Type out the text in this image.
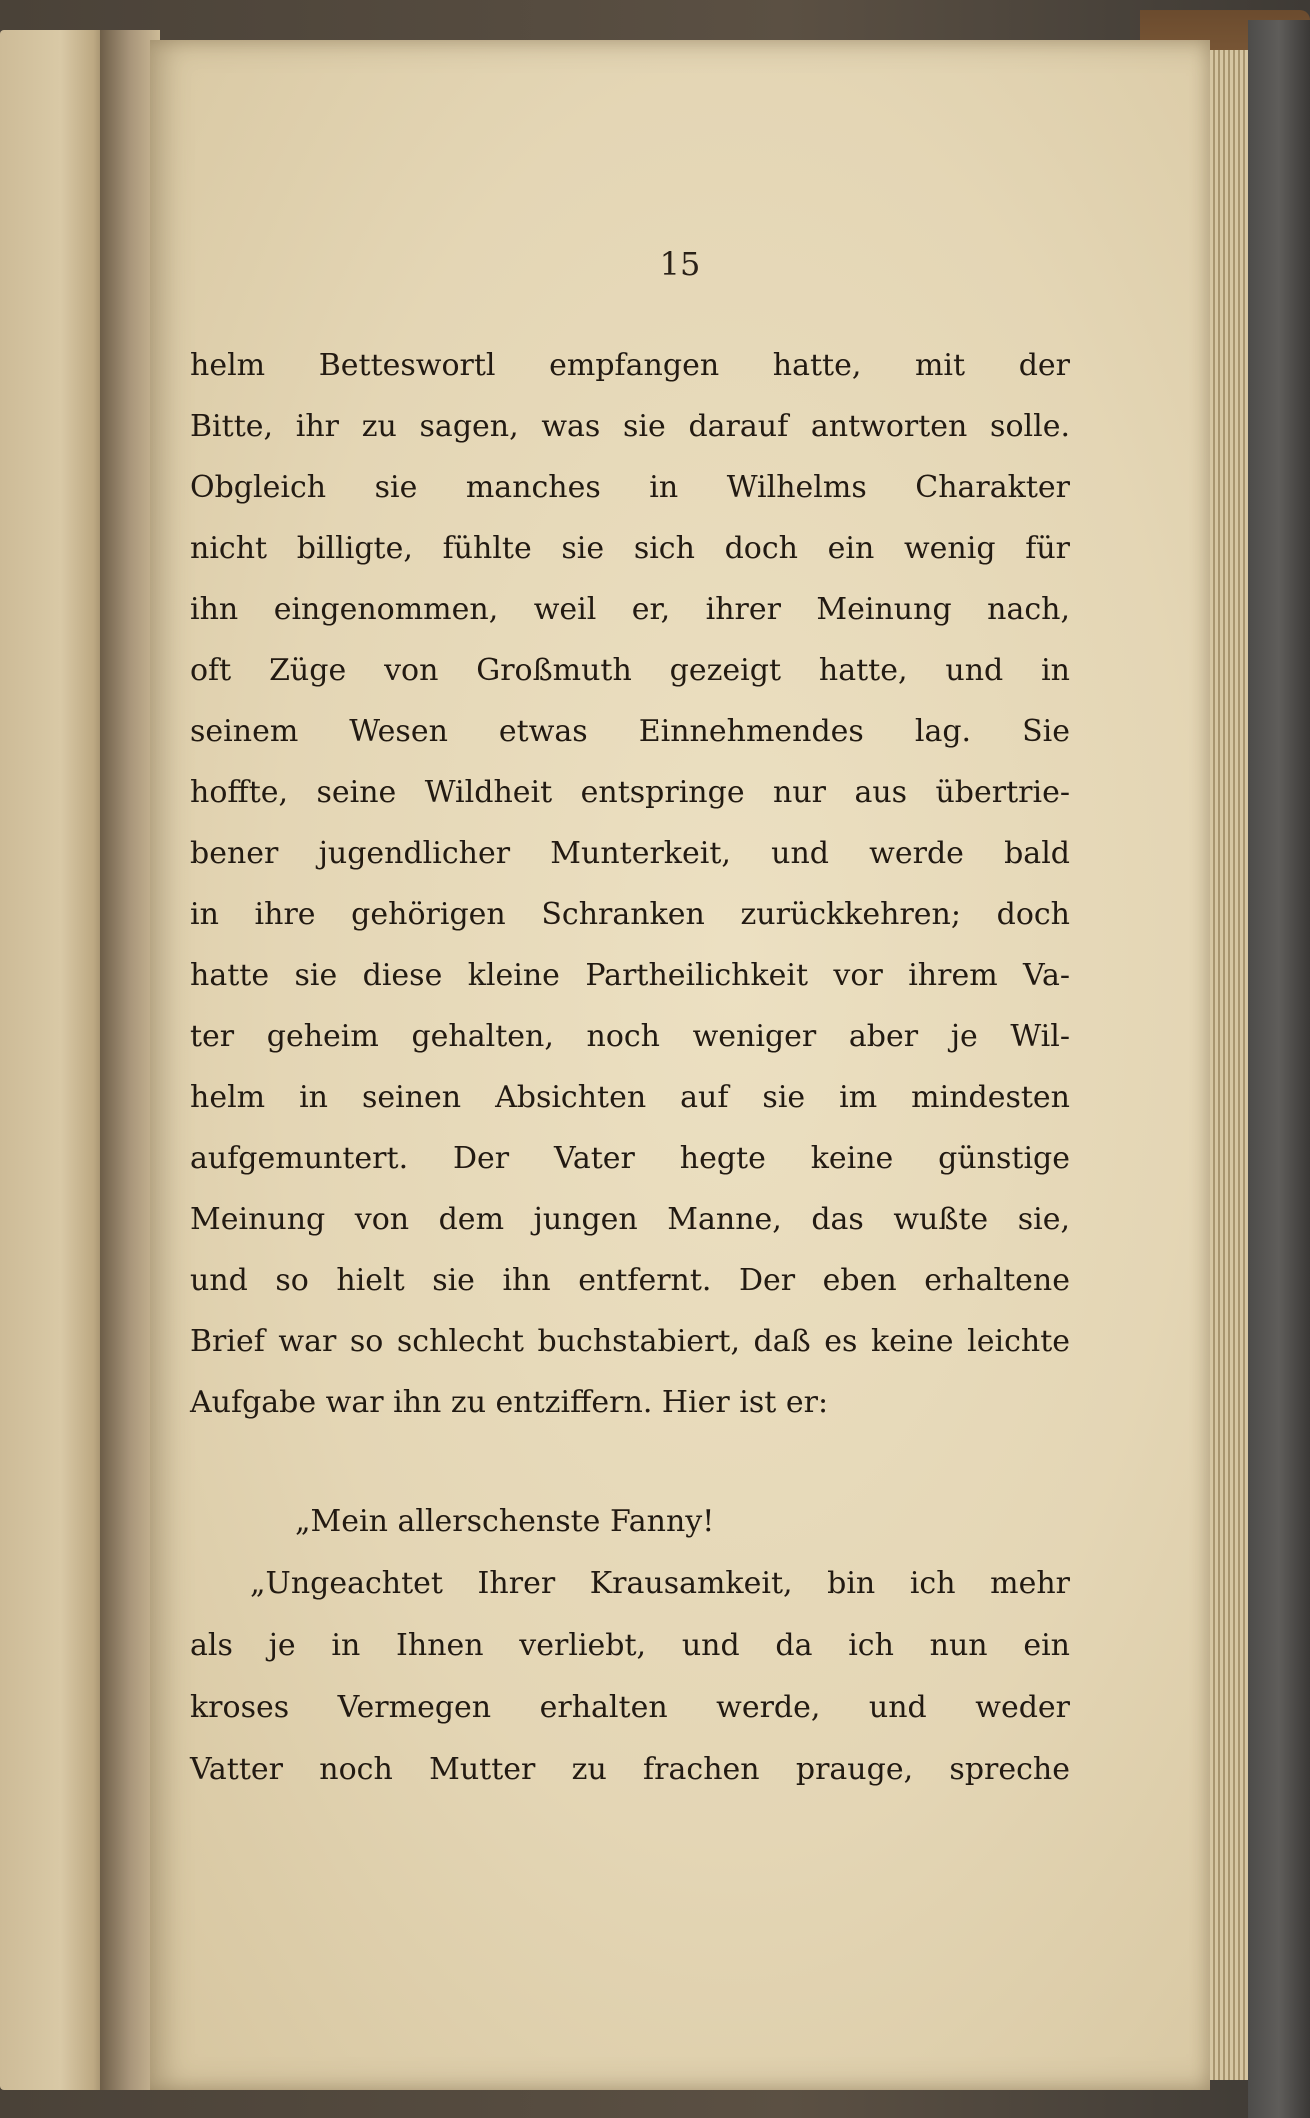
15
helm Betteswortl empfangen hatte, mit der
Bitte, ihr zu sagen, was sie darauf antworten solle.
Obgleich sie manches in Wilhelms Charakter
nicht billigte, fühlte sie sich doch ein wenig für
ihn eingenommen, weil er, ihrer Meinung nach,
oft Züge von Großmuth gezeigt hatte, und in
seinem Wesen etwas Einnehmendes lag. Sie
hoffte, seine Wildheit entspringe nur aus übertrie-
bener jugendlicher Munterkeit, und werde bald
in ihre gehörigen Schranken zurückkehren; doch
hatte sie diese kleine Partheilichkeit vor ihrem Va-
ter geheim gehalten, noch weniger aber je Wil-
helm in seinen Absichten auf sie im mindesten
aufgemuntert. Der Vater hegte keine günstige
Meinung von dem jungen Manne, das wußte sie,
und so hielt sie ihn entfernt. Der eben erhaltene
Brief war so schlecht buchstabiert, daß es keine leichte
Aufgabe war ihn zu entziffern. Hier ist er:
„Mein allerschenste Fanny!
„Ungeachtet Ihrer Krausamkeit, bin ich mehr
als je in Ihnen verliebt, und da ich nun ein
kroses Vermegen erhalten werde, und weder
Vatter noch Mutter zu frachen prauge, spreche
